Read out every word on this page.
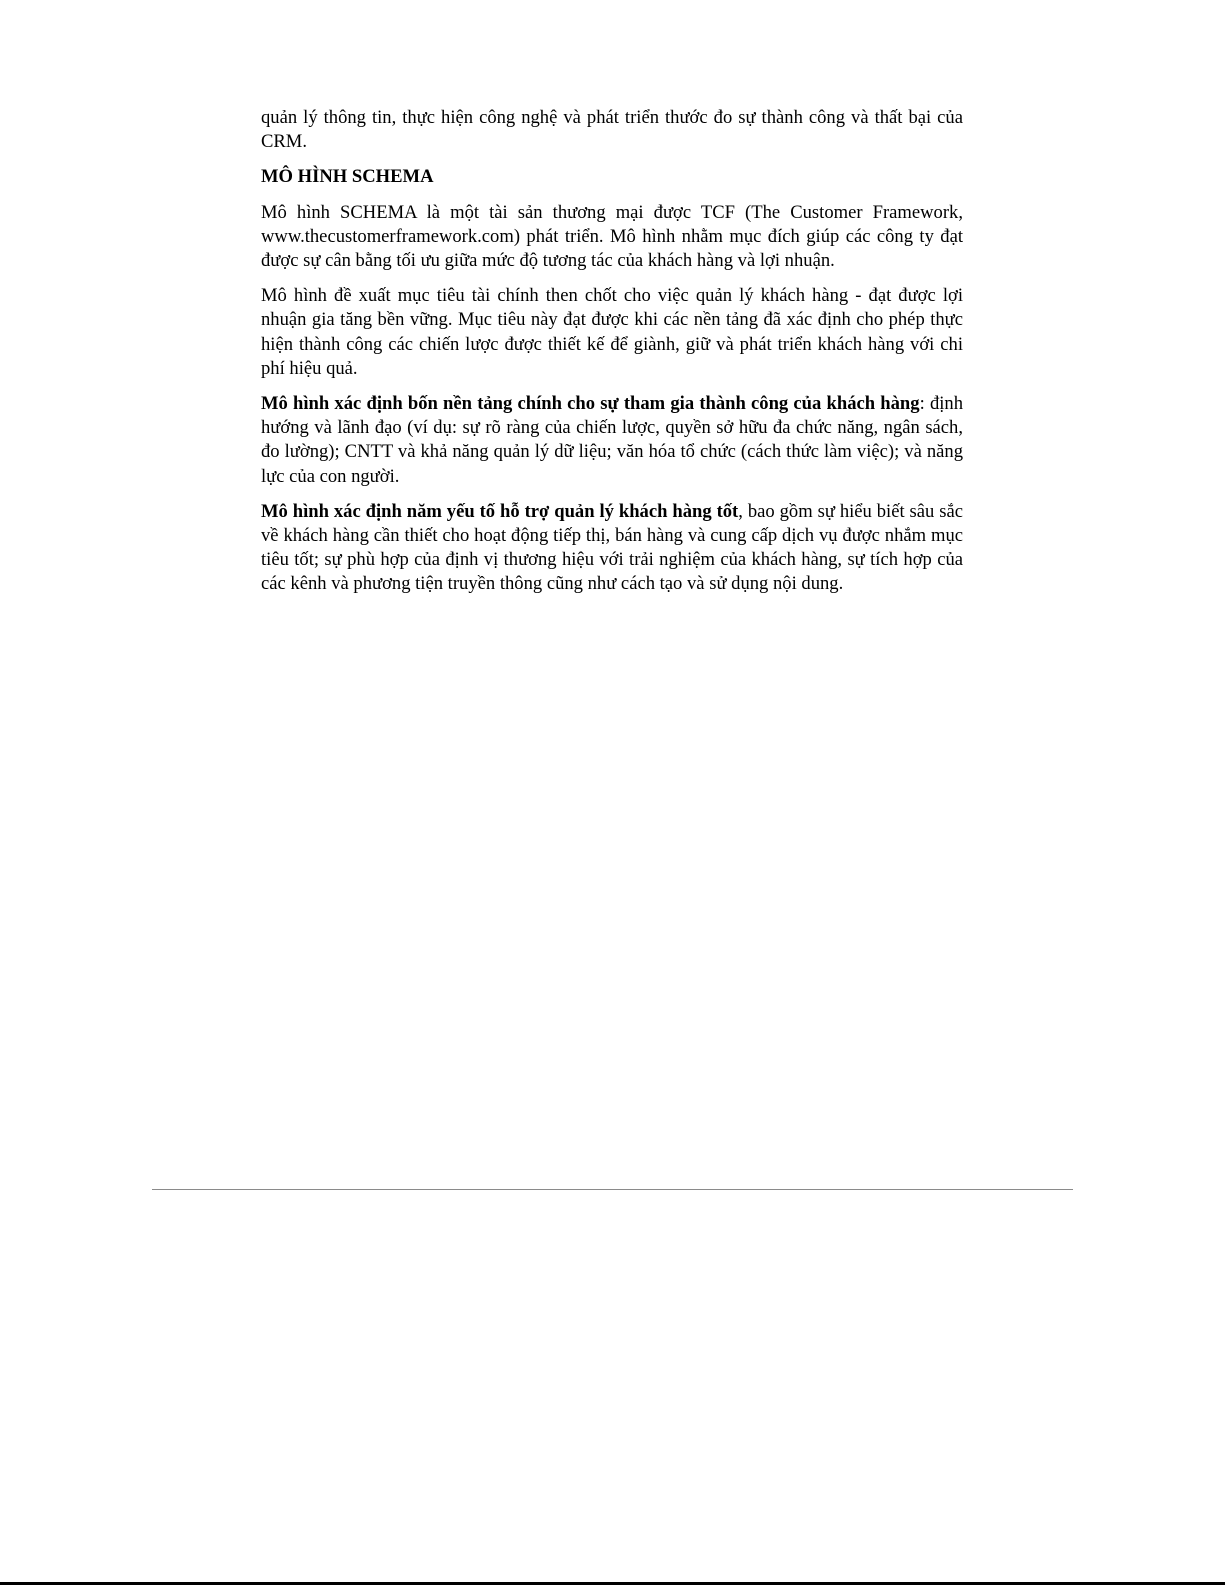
quản lý thông tin, thực hiện công nghệ và phát triển thước đo sự thành công và thất bại của CRM.

MÔ HÌNH SCHEMA

Mô hình SCHEMA là một tài sản thương mại được TCF (The Customer Framework, www.thecustomerframework.com) phát triển. Mô hình nhằm mục đích giúp các công ty đạt được sự cân bằng tối ưu giữa mức độ tương tác của khách hàng và lợi nhuận.

Mô hình đề xuất mục tiêu tài chính then chốt cho việc quản lý khách hàng - đạt được lợi nhuận gia tăng bền vững. Mục tiêu này đạt được khi các nền tảng đã xác định cho phép thực hiện thành công các chiến lược được thiết kế để giành, giữ và phát triển khách hàng với chi phí hiệu quả.

Mô hình xác định bốn nền tảng chính cho sự tham gia thành công của khách hàng: định hướng và lãnh đạo (ví dụ: sự rõ ràng của chiến lược, quyền sở hữu đa chức năng, ngân sách, đo lường); CNTT và khả năng quản lý dữ liệu; văn hóa tổ chức (cách thức làm việc); và năng lực của con người.

Mô hình xác định năm yếu tố hỗ trợ quản lý khách hàng tốt, bao gồm sự hiểu biết sâu sắc về khách hàng cần thiết cho hoạt động tiếp thị, bán hàng và cung cấp dịch vụ được nhắm mục tiêu tốt; sự phù hợp của định vị thương hiệu với trải nghiệm của khách hàng, sự tích hợp của các kênh và phương tiện truyền thông cũng như cách tạo và sử dụng nội dung.
